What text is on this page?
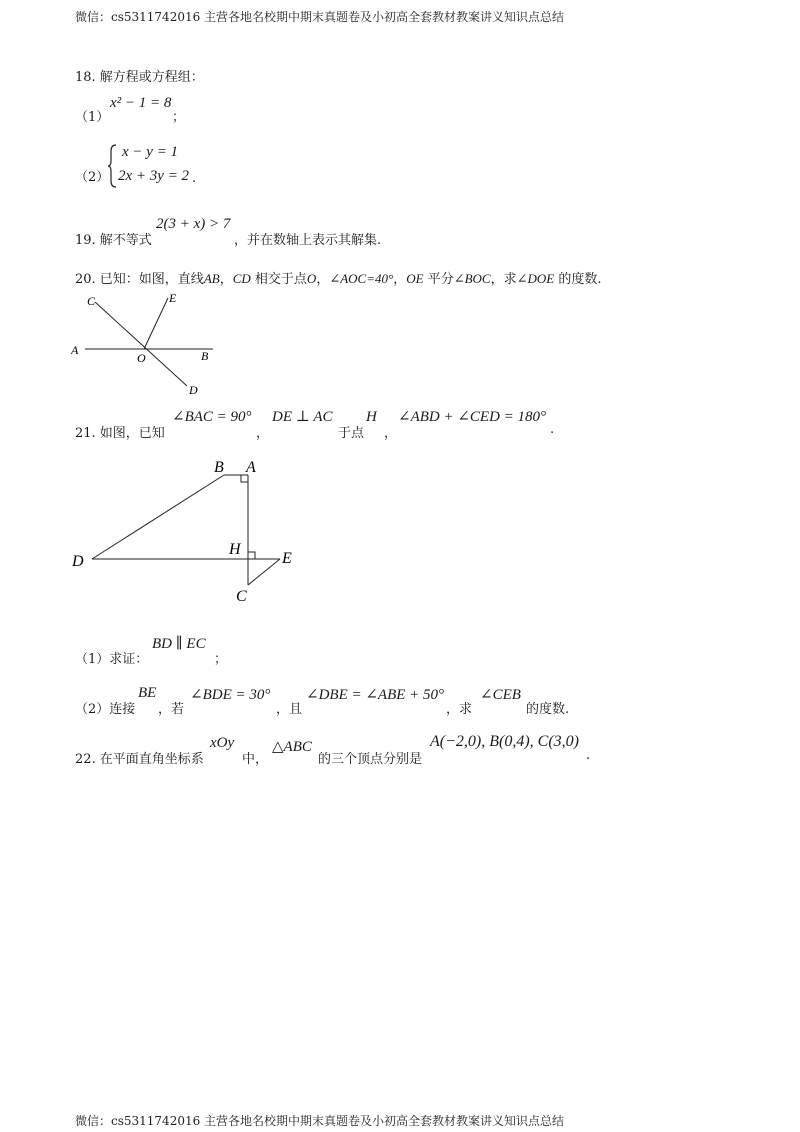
微信：cs5311742016 主营各地名校期中期末真题卷及小初高全套教材教案讲义知识点总结
18. 解方程或方程组：
（1）
x² − 1 = 8
；
（2）
x − y = 1
2x + 3y = 2 .
19. 解不等式
2(3 + x) > 7
，并在数轴上表示其解集.
20. 已知：如图，直线AB，CD 相交于点O，∠AOC=40°，OE 平分∠BOC，求∠DOE 的度数.
C	E
A
O	B
D
21. 如图，已知
∠BAC = 90°
，
DE ⊥ AC
于点
H
，
∠ABD + ∠CED = 180°
.
B A
D
H
E
C
（1）求证：
BD ∥ EC
；
（2）连接
BE
，若
∠BDE = 30°
，且
∠DBE = ∠ABE + 50°
，求
∠CEB
的度数.
22. 在平面直角坐标系
xOy
中，
△ABC
的三个顶点分别是
A(−2,0), B(0,4), C(3,0)
.
微信：cs5311742016 主营各地名校期中期末真题卷及小初高全套教材教案讲义知识点总结
